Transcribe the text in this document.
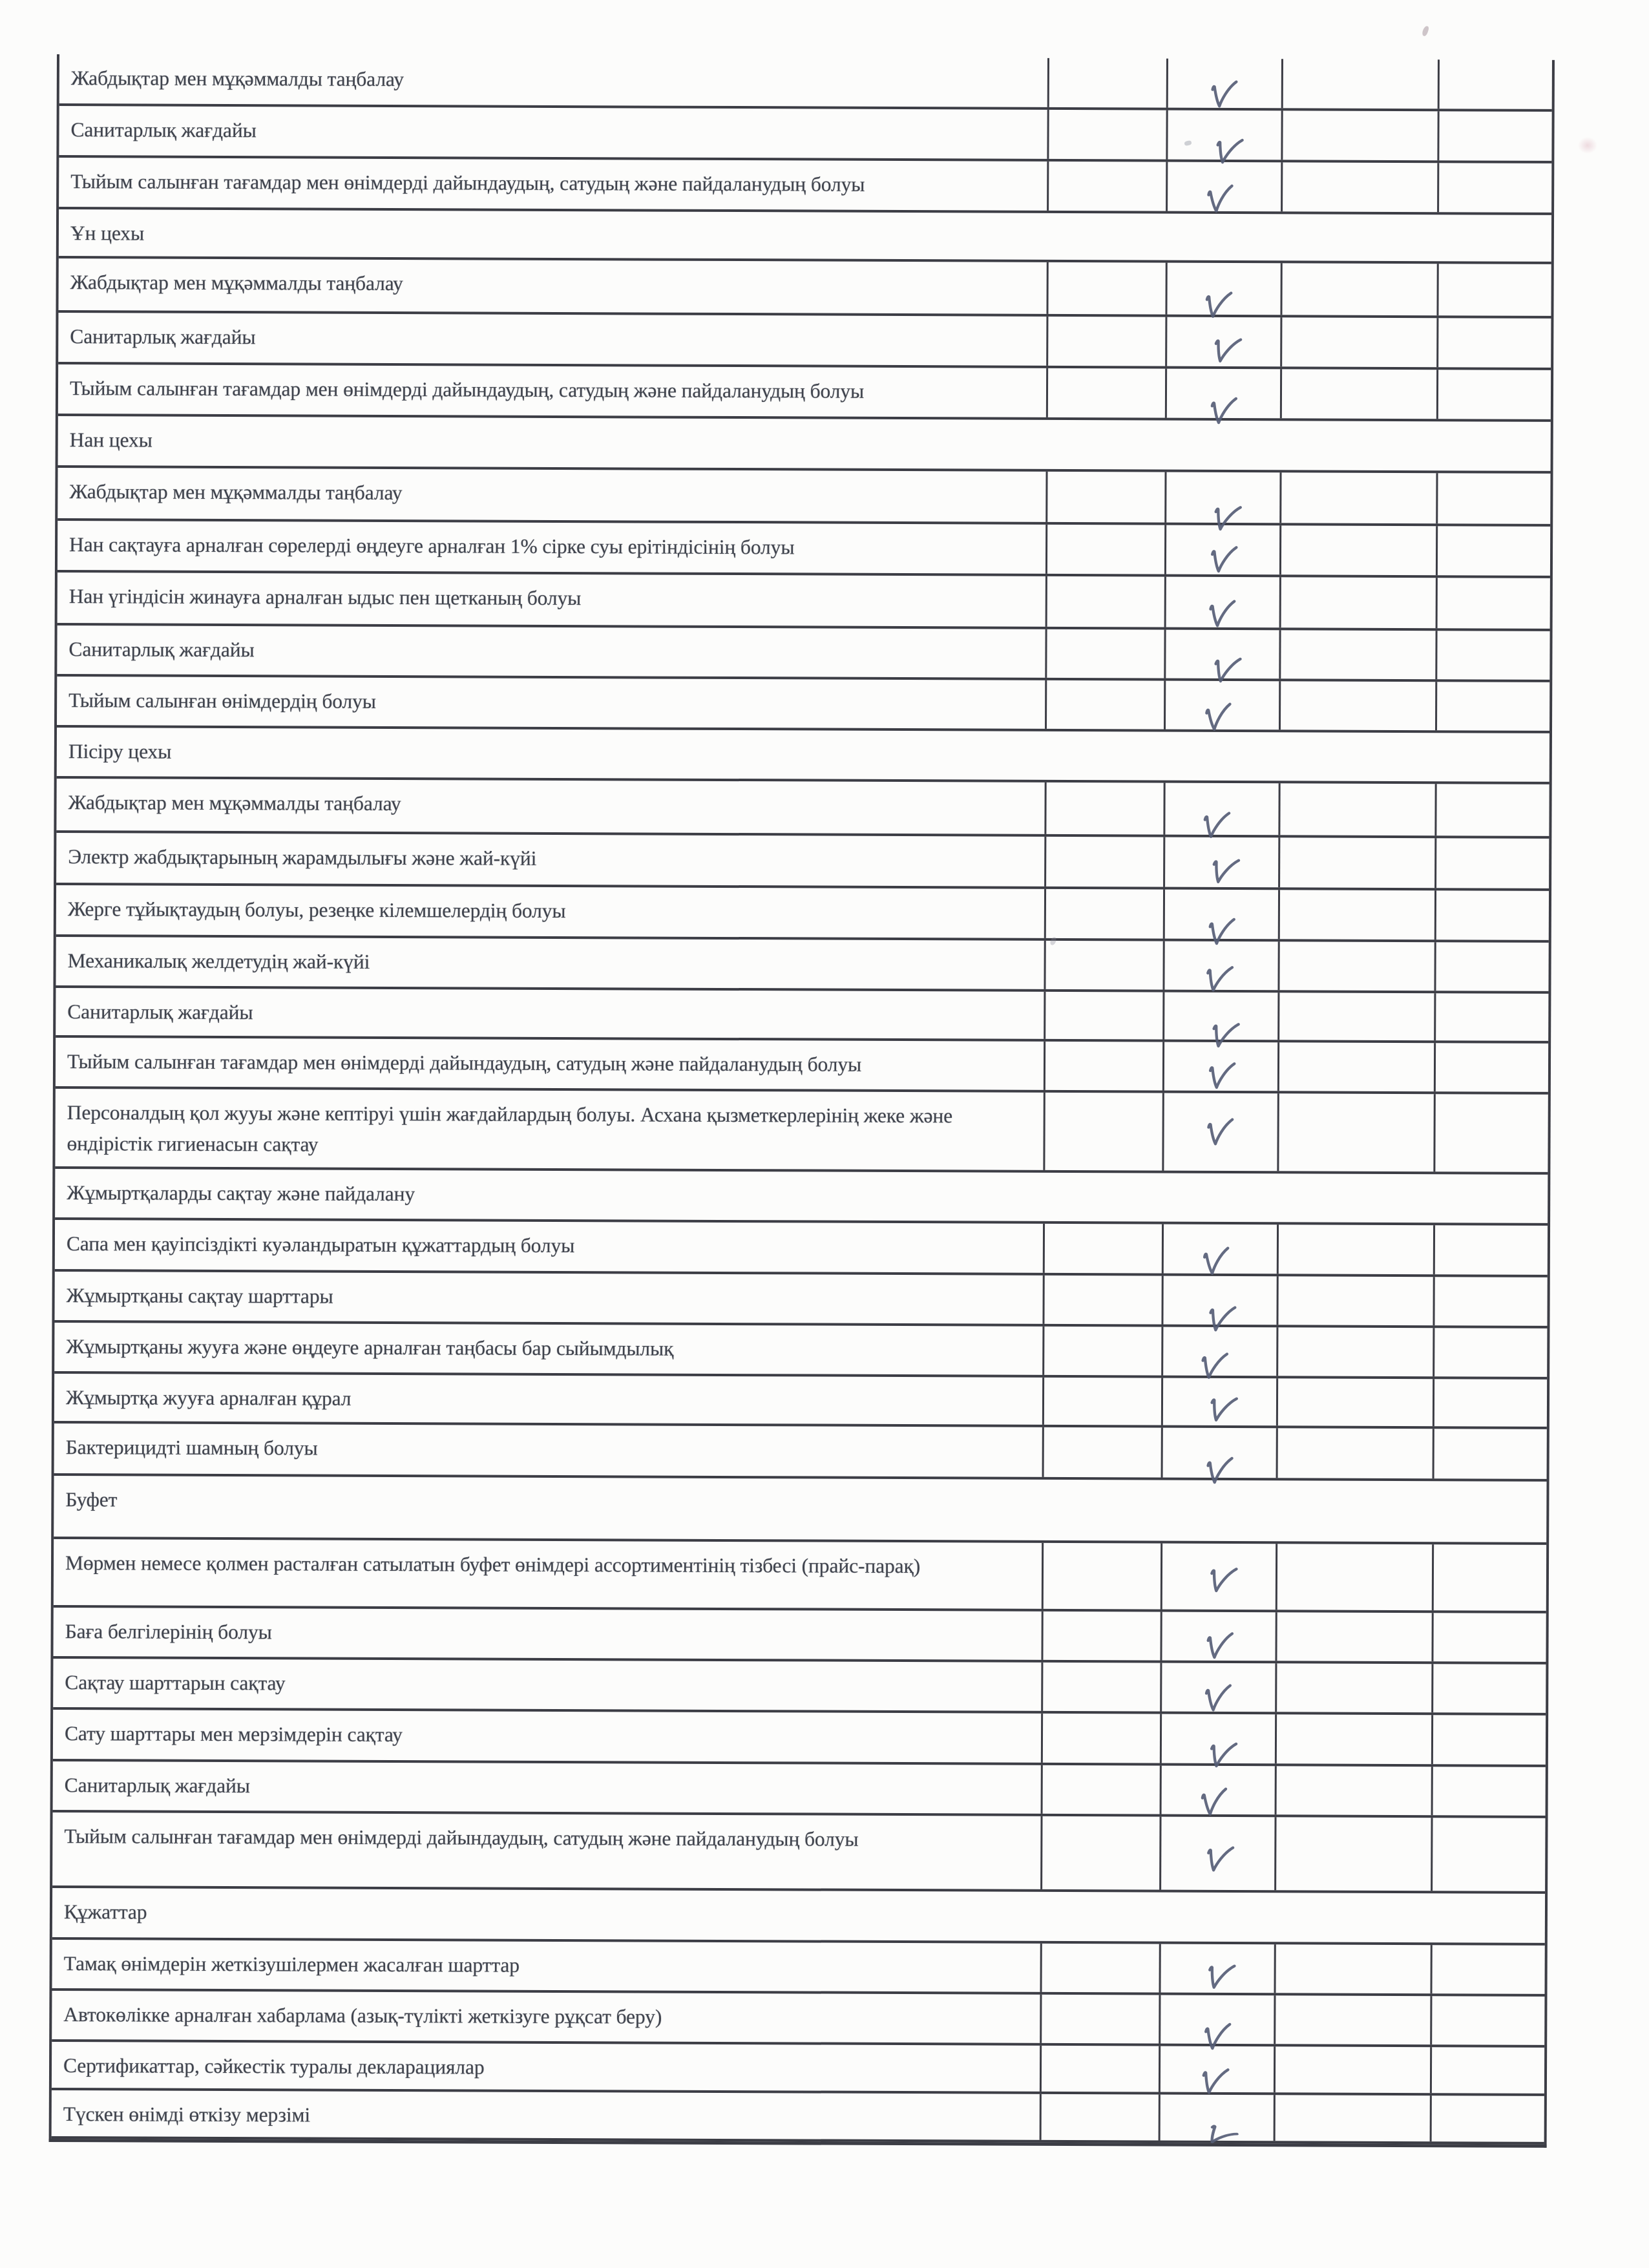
Жабдықтар мен мұқәммалды таңбалау
Санитарлық жағдайы
Тыйым салынған тағамдар мен өнімдерді дайындаудың, сатудың және пайдаланудың болуы
Ұн цехы
Жабдықтар мен мұқәммалды таңбалау
Санитарлық жағдайы
Тыйым салынған тағамдар мен өнімдерді дайындаудың, сатудың және пайдаланудың болуы
Нан цехы
Жабдықтар мен мұқәммалды таңбалау
Нан сақтауға арналған сөрелерді өңдеуге арналған 1% сірке суы ерітіндісінің болуы
Нан үгіндісін жинауға арналған ыдыс пен щетканың болуы
Санитарлық жағдайы
Тыйым салынған өнімдердің болуы
Пісіру цехы
Жабдықтар мен мұқәммалды таңбалау
Электр жабдықтарының жарамдылығы және жай-күйі
Жерге тұйықтаудың болуы, резеңке кілемшелердің болуы
Механикалық желдетудің жай-күйі
Санитарлық жағдайы
Тыйым салынған тағамдар мен өнімдерді дайындаудың, сатудың және пайдаланудың болуы
Персоналдың қол жууы және кептіруі үшін жағдайлардың болуы. Асхана қызметкерлерінің жеке және өндірістік гигиенасын сақтау
Жұмыртқаларды сақтау және пайдалану
Сапа мен қауіпсіздікті куәландыратын құжаттардың болуы
Жұмыртқаны сақтау шарттары
Жұмыртқаны жууға және өңдеуге арналған таңбасы бар сыйымдылық
Жұмыртқа жууға арналған құрал
Бактерицидті шамның болуы
Буфет
Мөрмен немесе қолмен расталған сатылатын буфет өнімдері ассортиментінің тізбесі (прайс-парақ)
Баға белгілерінің болуы
Сақтау шарттарын сақтау
Сату шарттары мен мерзімдерін сақтау
Санитарлық жағдайы
Тыйым салынған тағамдар мен өнімдерді дайындаудың, сатудың және пайдаланудың болуы
Құжаттар
Тамақ өнімдерін жеткізушілермен жасалған шарттар
Автокөлікке арналған хабарлама (азық-түлікті жеткізуге рұқсат беру)
Сертификаттар, сәйкестік туралы декларациялар
Түскен өнімді өткізу мерзімі
